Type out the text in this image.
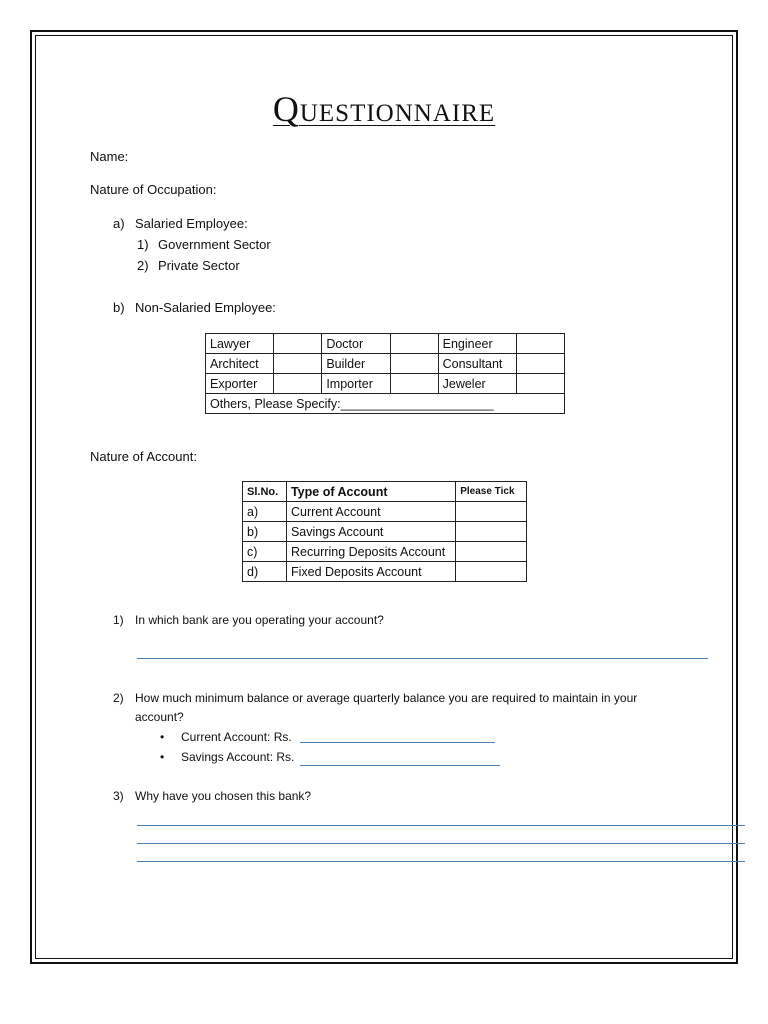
Questionnaire
Name:
Nature of Occupation:
a) Salaried Employee:
1) Government Sector
2) Private Sector
b) Non-Salaried Employee:
Lawyer		Doctor		Engineer	
Architect		Builder		Consultant	
Exporter		Importer		Jeweler	
Others, Please Specify:______________________					
Nature of Account:
Sl.No.	Type of Account	Please Tick
a)	Current Account	
b)	Savings Account	
c)	Recurring Deposits Account	
d)	Fixed Deposits Account	
1) In which bank are you operating your account?
2) How much minimum balance or average quarterly balance you are required to maintain in your
account?
• Current Account: Rs.
• Savings Account: Rs.
3) Why have you chosen this bank?
